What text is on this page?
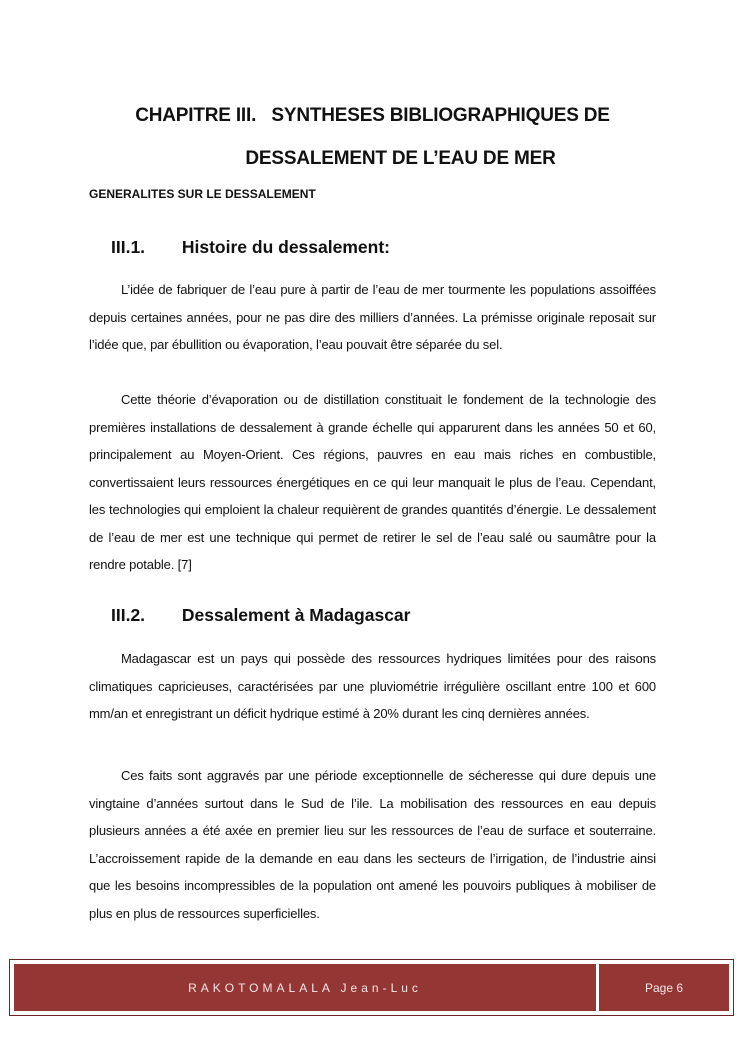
CHAPITRE III.   SYNTHESES BIBLIOGRAPHIQUES DE
DESSALEMENT DE L’EAU DE MER

GENERALITES SUR LE DESSALEMENT

III.1. Histoire du dessalement:

L’idée de fabriquer de l’eau pure à partir de l’eau de mer tourmente les populations assoiffées depuis certaines années, pour ne pas dire des milliers d’années. La prémisse originale reposait sur l’idée que, par ébullition ou évaporation, l’eau pouvait être séparée du sel.

Cette théorie d’évaporation ou de distillation constituait le fondement de la technologie des premières installations de dessalement à grande échelle qui apparurent dans les années 50 et 60, principalement au Moyen-Orient. Ces régions, pauvres en eau mais riches en combustible, convertissaient leurs ressources énergétiques en ce qui leur manquait le plus de l’eau. Cependant, les technologies qui emploient la chaleur requièrent de grandes quantités d’énergie. Le dessalement de l’eau de mer est une technique qui permet de retirer le sel de l’eau salé ou saumâtre pour la rendre potable. [7]

III.2. Dessalement à Madagascar

Madagascar est un pays qui possède des ressources hydriques limitées pour des raisons climatiques capricieuses, caractérisées par une pluviométrie irrégulière oscillant entre 100 et 600 mm/an et enregistrant un déficit hydrique estimé à 20% durant les cinq dernières années.

Ces faits sont aggravés par une période exceptionnelle de sécheresse qui dure depuis une vingtaine d’années surtout dans le Sud de l’ile. La mobilisation des ressources en eau depuis plusieurs années a été axée en premier lieu sur les ressources de l’eau de surface et souterraine. L’accroissement rapide de la demande en eau dans les secteurs de l’irrigation, de l’industrie ainsi que les besoins incompressibles de la population ont amené les pouvoirs publiques à mobiliser de plus en plus de ressources superficielles.

RAKOTOMALALA Jean-Luc	Page 6
